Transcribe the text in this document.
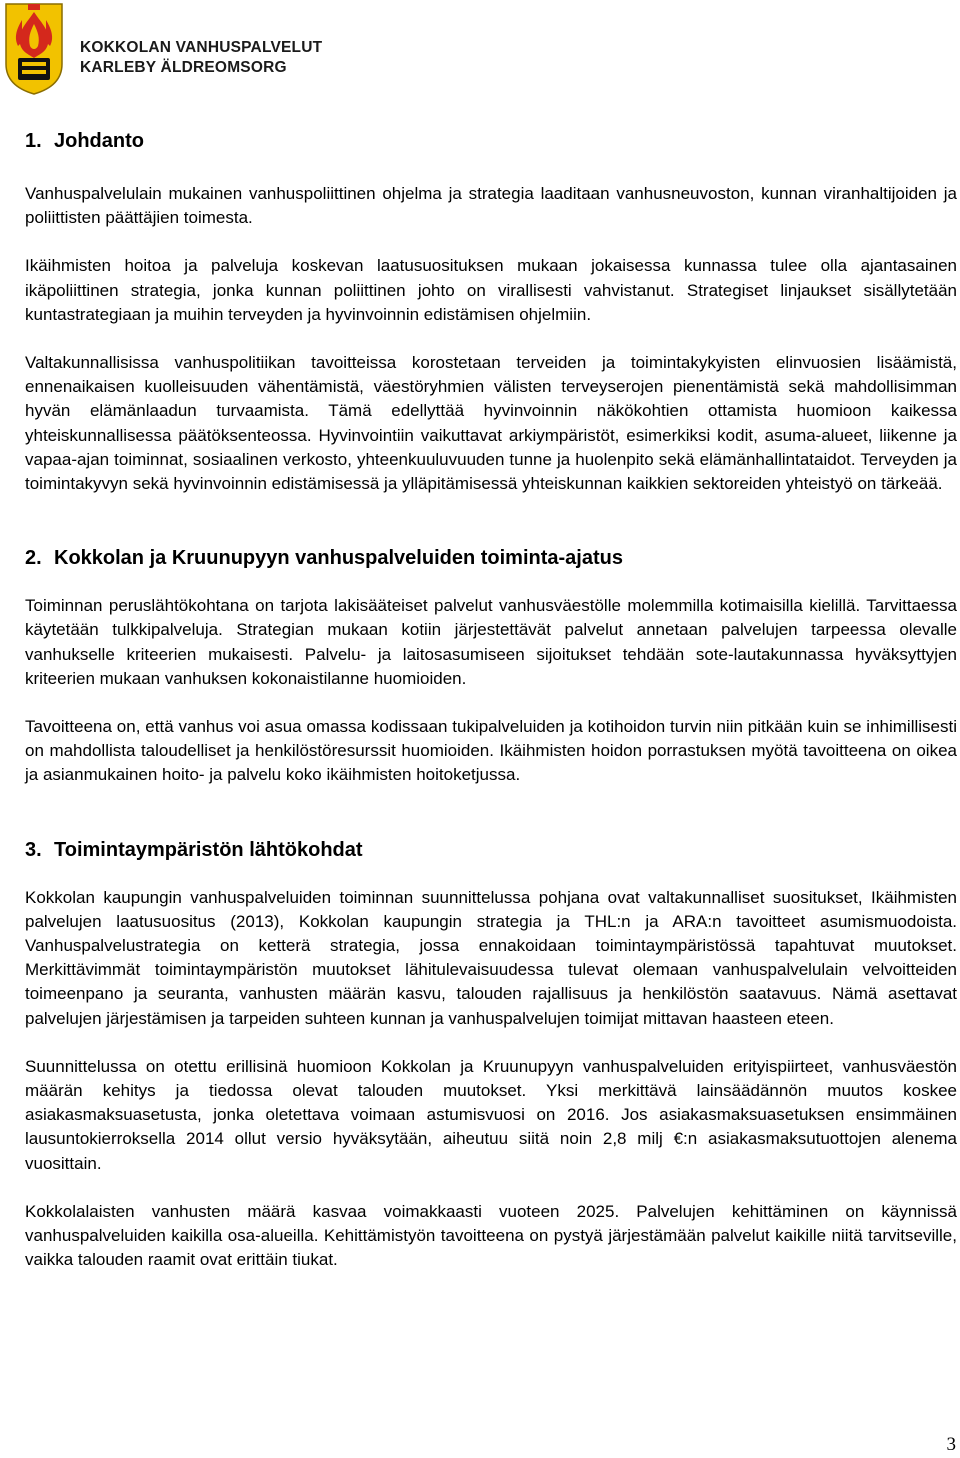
KOKKOLAN VANHUSPALVELUT
KARLEBY ÄLDREOMSORG
1. Johdanto

Vanhuspalvelulain mukainen vanhuspoliittinen ohjelma ja strategia laaditaan vanhusneuvoston, kunnan viranhaltijoiden ja poliittisten päättäjien toimesta.

Ikäihmisten hoitoa ja palveluja koskevan laatusuosituksen mukaan jokaisessa kunnassa tulee olla ajantasainen ikäpoliittinen strategia, jonka kunnan poliittinen johto on virallisesti vahvistanut. Strategiset linjaukset sisällytetään kuntastrategiaan ja muihin terveyden ja hyvinvoinnin edistämisen ohjelmiin.

Valtakunnallisissa vanhuspolitiikan tavoitteissa korostetaan terveiden ja toimintakykyisten elinvuosien lisäämistä, ennenaikaisen kuolleisuuden vähentämistä, väestöryhmien välisten terveyserojen pienentämistä sekä mahdollisimman hyvän elämänlaadun turvaamista. Tämä edellyttää hyvinvoinnin näkökohtien ottamista huomioon kaikessa yhteiskunnallisessa päätöksenteossa. Hyvinvointiin vaikuttavat arkiympäristöt, esimerkiksi kodit, asuma-alueet, liikenne ja vapaa-ajan toiminnat, sosiaalinen verkosto, yhteenkuuluvuuden tunne ja huolenpito sekä elämänhallintataidot. Terveyden ja toimintakyvyn sekä hyvinvoinnin edistämisessä ja ylläpitämisessä yhteiskunnan kaikkien sektoreiden yhteistyö on tärkeää.

2. Kokkolan ja Kruunupyyn vanhuspalveluiden toiminta-ajatus

Toiminnan peruslähtökohtana on tarjota lakisääteiset palvelut vanhusväestölle molemmilla kotimaisilla kielillä. Tarvittaessa käytetään tulkkipalveluja. Strategian mukaan kotiin järjestettävät palvelut annetaan palvelujen tarpeessa olevalle vanhukselle kriteerien mukaisesti. Palvelu- ja laitosasumiseen sijoitukset tehdään sote-lautakunnassa hyväksyttyjen kriteerien mukaan vanhuksen kokonaistilanne huomioiden.

Tavoitteena on, että vanhus voi asua omassa kodissaan tukipalveluiden ja kotihoidon turvin niin pitkään kuin se inhimillisesti on mahdollista taloudelliset ja henkilöstöresurssit huomioiden. Ikäihmisten hoidon porrastuksen myötä tavoitteena on oikea ja asianmukainen hoito- ja palvelu koko ikäihmisten hoitoketjussa.

3. Toimintaympäristön lähtökohdat

Kokkolan kaupungin vanhuspalveluiden toiminnan suunnittelussa pohjana ovat valtakunnalliset suositukset, Ikäihmisten palvelujen laatusuositus (2013), Kokkolan kaupungin strategia ja THL:n ja ARA:n tavoitteet asumismuodoista. Vanhuspalvelustrategia on ketterä strategia, jossa ennakoidaan toimintaympäristössä tapahtuvat muutokset. Merkittävimmät toimintaympäristön muutokset lähitulevaisuudessa tulevat olemaan vanhuspalvelulain velvoitteiden toimeenpano ja seuranta, vanhusten määrän kasvu, talouden rajallisuus ja henkilöstön saatavuus. Nämä asettavat palvelujen järjestämisen ja tarpeiden suhteen kunnan ja vanhuspalvelujen toimijat mittavan haasteen eteen.

Suunnittelussa on otettu erillisinä huomioon Kokkolan ja Kruunupyyn vanhuspalveluiden erityispiirteet, vanhusväestön määrän kehitys ja tiedossa olevat talouden muutokset. Yksi merkittävä lainsäädännön muutos koskee asiakasmaksuasetusta, jonka oletettava voimaan astumisvuosi on 2016. Jos asiakasmaksuasetuksen ensimmäinen lausuntokierroksella 2014 ollut versio hyväksytään, aiheutuu siitä noin 2,8 milj €:n asiakasmaksutuottojen alenema vuosittain.

Kokkolalaisten vanhusten määrä kasvaa voimakkaasti vuoteen 2025. Palvelujen kehittäminen on käynnissä vanhuspalveluiden kaikilla osa-alueilla. Kehittämistyön tavoitteena on pystyä järjestämään palvelut kaikille niitä tarvitseville, vaikka talouden raamit ovat erittäin tiukat.

3
